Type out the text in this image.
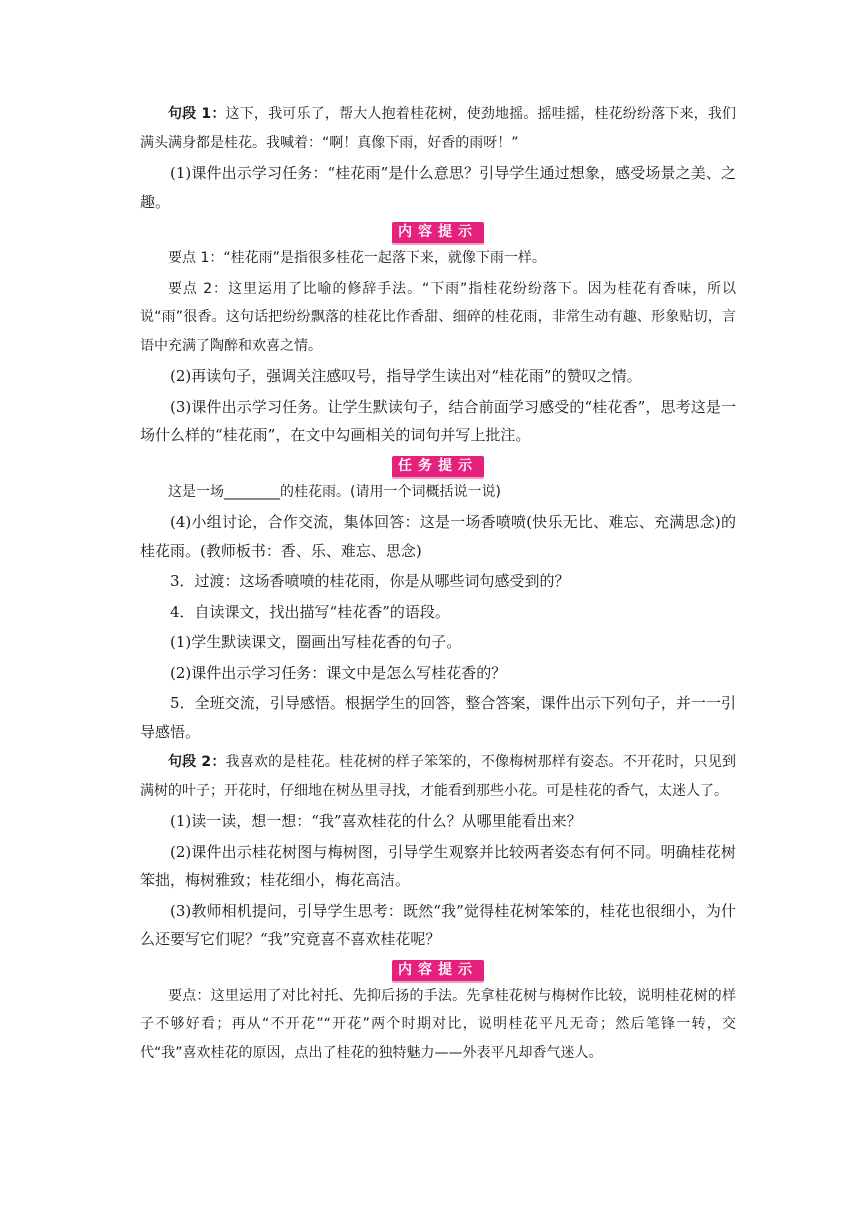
句段 1：这下，我可乐了，帮大人抱着桂花树，使劲地摇。摇哇摇，桂花纷纷落下来，我们满头满身都是桂花。我喊着：“啊！真像下雨，好香的雨呀！”

(1)课件出示学习任务：“桂花雨”是什么意思？引导学生通过想象，感受场景之美、之趣。

内容提示

要点 1：“桂花雨”是指很多桂花一起落下来，就像下雨一样。

要点 2：这里运用了比喻的修辞手法。“下雨”指桂花纷纷落下。因为桂花有香味，所以说“雨”很香。这句话把纷纷飘落的桂花比作香甜、细碎的桂花雨，非常生动有趣、形象贴切，言语中充满了陶醉和欢喜之情。

(2)再读句子，强调关注感叹号，指导学生读出对“桂花雨”的赞叹之情。

(3)课件出示学习任务。让学生默读句子，结合前面学习感受的“桂花香”，思考这是一场什么样的“桂花雨”，在文中勾画相关的词句并写上批注。

任务提示

这是一场________的桂花雨。(请用一个词概括说一说)

(4)小组讨论，合作交流，集体回答：这是一场香喷喷(快乐无比、难忘、充满思念)的桂花雨。(教师板书：香、乐、难忘、思念)

3．过渡：这场香喷喷的桂花雨，你是从哪些词句感受到的？

4．自读课文，找出描写“桂花香”的语段。

(1)学生默读课文，圈画出写桂花香的句子。

(2)课件出示学习任务：课文中是怎么写桂花香的？

5．全班交流，引导感悟。根据学生的回答，整合答案，课件出示下列句子，并一一引导感悟。

句段 2：我喜欢的是桂花。桂花树的样子笨笨的，不像梅树那样有姿态。不开花时，只见到满树的叶子；开花时，仔细地在树丛里寻找，才能看到那些小花。可是桂花的香气，太迷人了。

(1)读一读，想一想：“我”喜欢桂花的什么？从哪里能看出来？

(2)课件出示桂花树图与梅树图，引导学生观察并比较两者姿态有何不同。明确桂花树笨拙，梅树雅致；桂花细小，梅花高洁。

(3)教师相机提问，引导学生思考：既然“我”觉得桂花树笨笨的，桂花也很细小，为什么还要写它们呢？“我”究竟喜不喜欢桂花呢？

内容提示

要点：这里运用了对比衬托、先抑后扬的手法。先拿桂花树与梅树作比较，说明桂花树的样子不够好看；再从“不开花”“开花”两个时期对比，说明桂花平凡无奇；然后笔锋一转，交代“我”喜欢桂花的原因，点出了桂花的独特魅力——外表平凡却香气迷人。
